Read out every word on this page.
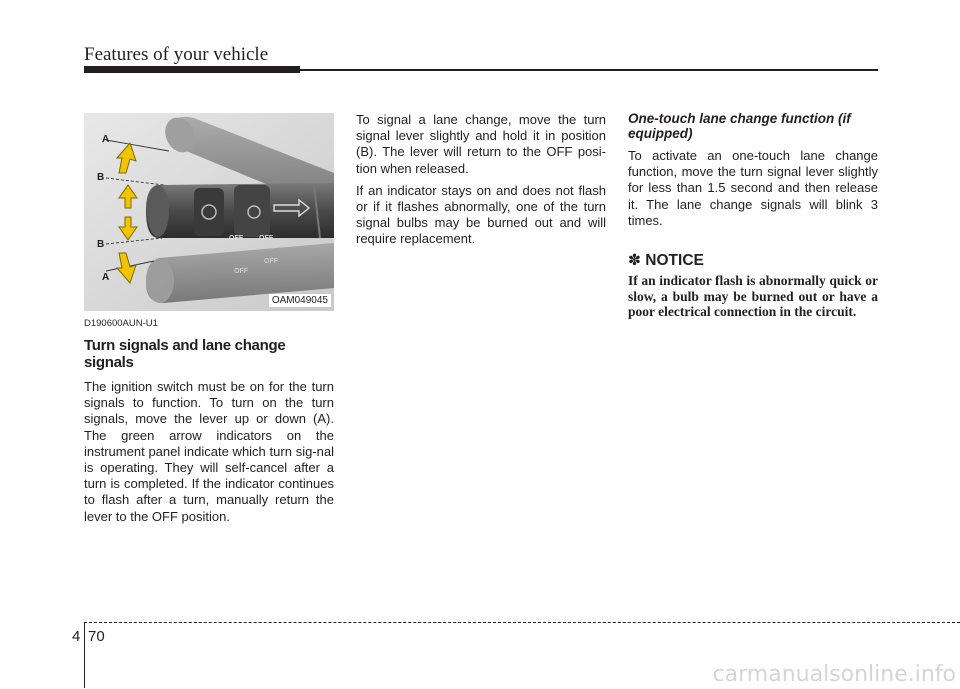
Features of your vehicle
OFF OFF
OFF
OFF
A
B
B
A
OAM049045

D190600AUN-U1

Turn signals and lane change signals

The ignition switch must be on for the turn signals to function. To turn on the turn signals, move the lever up or down (A). The green arrow indicators on the instrument panel indicate which turn sig-nal is operating. They will self-cancel after a turn is completed. If the indicator continues to flash after a turn, manually return the lever to the OFF position.

To signal a lane change, move the turn signal lever slightly and hold it in position (B). The lever will return to the OFF posi-tion when released.

If an indicator stays on and does not flash or if it flashes abnormally, one of the turn signal bulbs may be burned out and will require replacement.

One-touch lane change function (if equipped)

To activate an one-touch lane change function, move the turn signal lever slightly for less than 1.5 second and then release it. The lane change signals will blink 3 times.

✽ NOTICE

If an indicator flash is abnormally quick or slow, a bulb may be burned out or have a poor electrical connection in the circuit.

4 70
carmanualsonline.info
